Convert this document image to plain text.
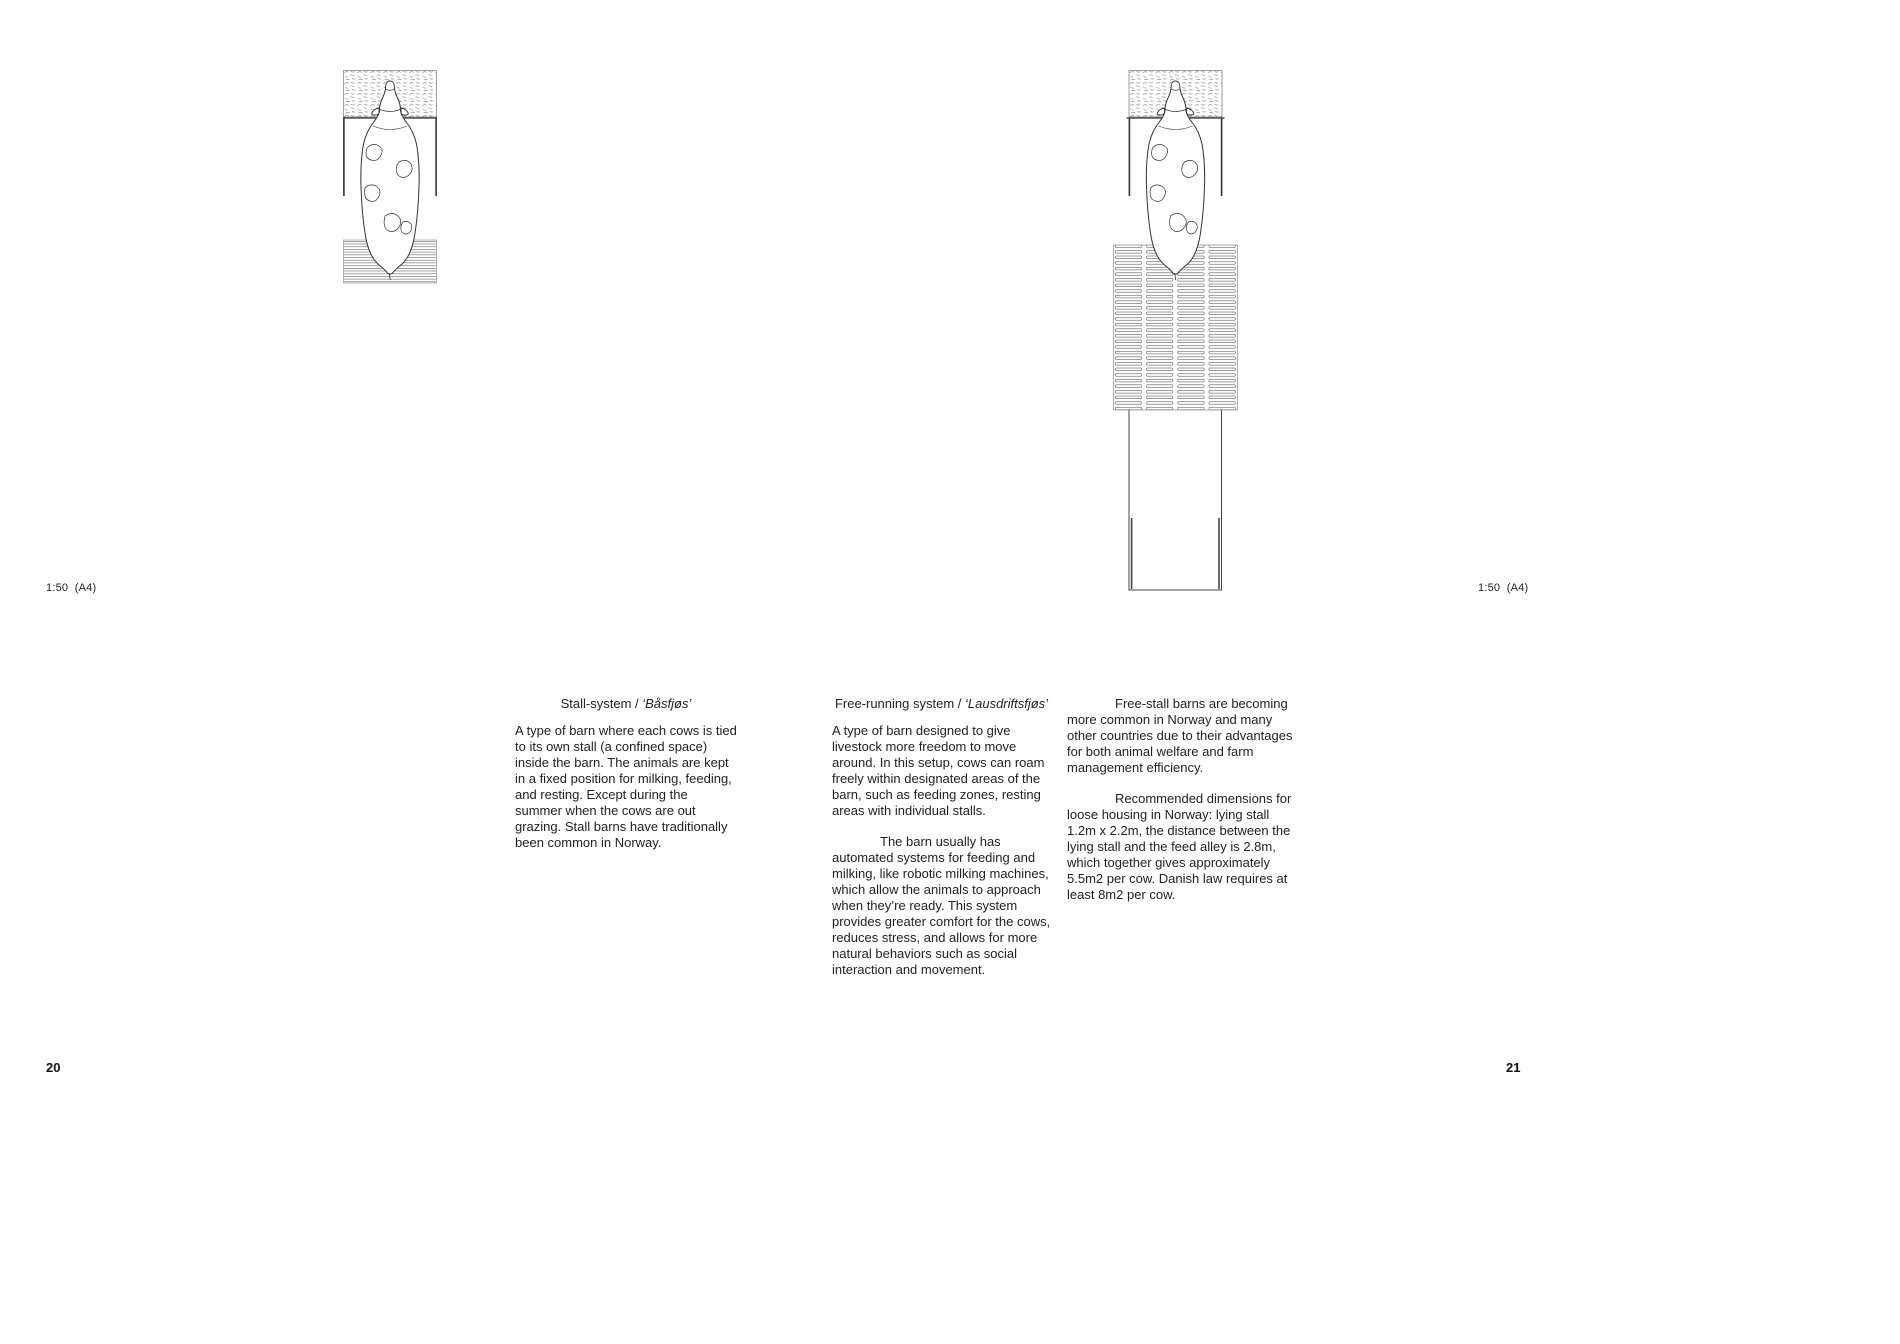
1:50  (A4)
Stall-system / ‘Båsfjøs’

A type of barn where each cows is tied to its own stall (a confined space) inside the barn. The animals are kept in a fixed position for milking, feeding, and resting. Except during the summer when the cows are out grazing. Stall barns have traditionally been common in Norway.

20
1:50  (A4)
Free-running system / ‘Lausdriftsfjøs’

A type of barn designed to give livestock more freedom to move around. In this setup, cows can roam freely within designated areas of the barn, such as feeding zones, resting areas with individual stalls.

The barn usually has automated systems for feeding and milking, like robotic milking machines, which allow the animals to approach when they’re ready. This system provides greater comfort for the cows, reduces stress, and allows for more natural behaviors such as social interaction and movement.

Free-stall barns are becoming more common in Norway and many other countries due to their advantages for both animal welfare and farm management efficiency.

Recommended dimensions for loose housing in Norway: lying stall 1.2m x 2.2m, the distance between the lying stall and the feed alley is 2.8m, which together gives approximately 5.5m2 per cow. Danish law requires at least 8m2 per cow.

21
